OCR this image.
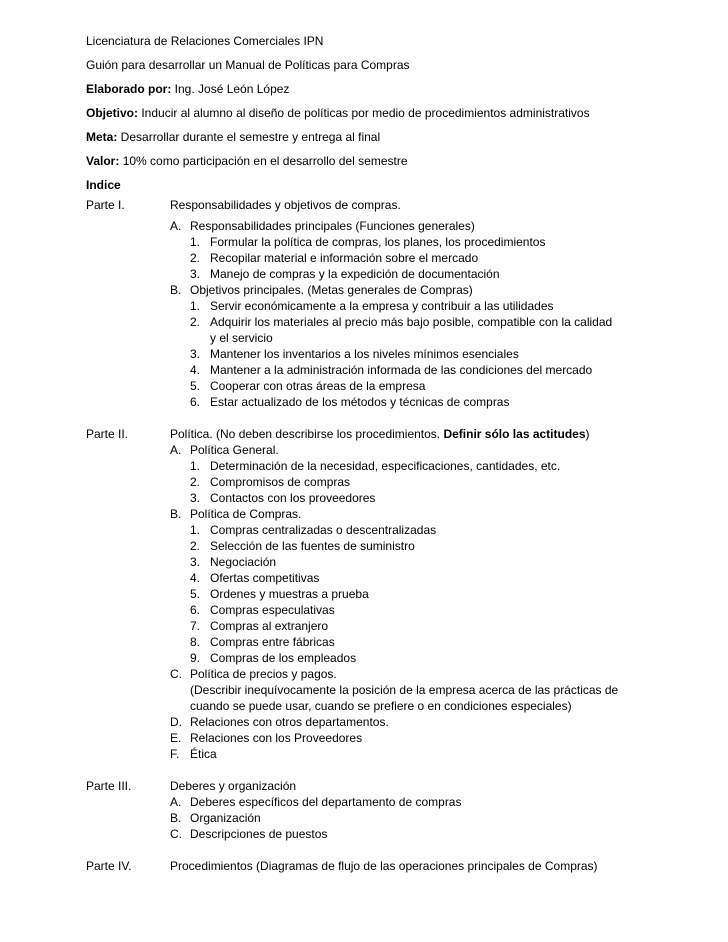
Licenciatura de Relaciones Comerciales IPN
Guión para desarrollar un Manual de Políticas para Compras
Elaborado por: Ing. José León López
Objetivo: Inducir al alumno al diseño de políticas por medio de procedimientos administrativos
Meta: Desarrollar durante el semestre y entrega al final
Valor: 10% como participación en el desarrollo del semestre
Indice
Parte I.	Responsabilidades y objetivos de compras.
A. Responsabilidades principales (Funciones generales)
1. Formular la política de compras, los planes, los procedimientos
2. Recopilar material e información sobre el mercado
3. Manejo de compras y la expedición de documentación
B. Objetivos principales. (Metas generales de Compras)
1. Servir económicamente a la empresa y contribuir a las utilidades
2. Adquirir los materiales al precio más bajo posible, compatible con la calidad y el servicio
3. Mantener los inventarios a los niveles mínimos esenciales
4. Mantener a la administración informada de las condiciones del mercado
5. Cooperar con otras áreas de la empresa
6. Estar actualizado de los métodos y técnicas de compras
Parte II.	Política. (No deben describirse los procedimientos. Definir sólo las actitudes)
A. Política General.
1. Determinación de la necesidad, especificaciones, cantidades, etc.
2. Compromisos de compras
3. Contactos con los proveedores
B. Política de Compras.
1. Compras centralizadas o descentralizadas
2. Selección de las fuentes de suministro
3. Negociación
4. Ofertas competitivas
5. Ordenes y muestras a prueba
6. Compras especulativas
7. Compras al extranjero
8. Compras entre fábricas
9. Compras de los empleados
C. Política de precios y pagos.
(Describir inequívocamente la posición de la empresa acerca de las prácticas de cuando se puede usar, cuando se prefiere o en condiciones especiales)
D. Relaciones con otros departamentos.
E. Relaciones con los Proveedores
F. Ética
Parte III.	Deberes y organización
A. Deberes específicos del departamento de compras
B. Organización
C. Descripciones de puestos
Parte IV.	Procedimientos (Diagramas de flujo de las operaciones principales de Compras)
